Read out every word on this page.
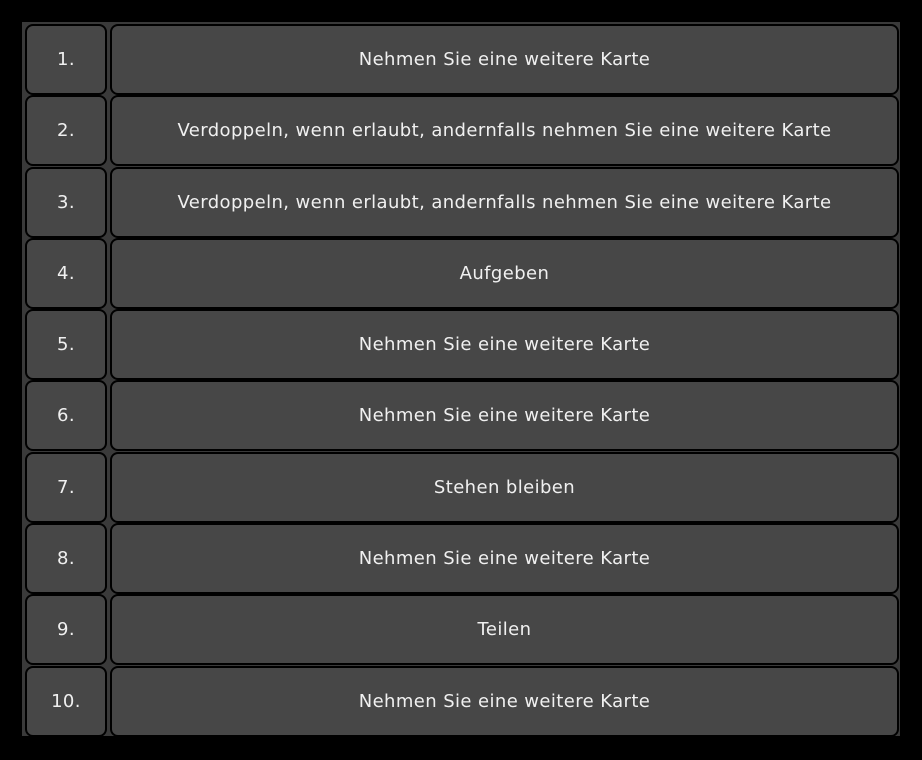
1.	Nehmen Sie eine weitere Karte
2.	Verdoppeln, wenn erlaubt, andernfalls nehmen Sie eine weitere Karte
3.	Verdoppeln, wenn erlaubt, andernfalls nehmen Sie eine weitere Karte
4.	Aufgeben
5.	Nehmen Sie eine weitere Karte
6.	Nehmen Sie eine weitere Karte
7.	Stehen bleiben
8.	Nehmen Sie eine weitere Karte
9.	Teilen
10.	Nehmen Sie eine weitere Karte
